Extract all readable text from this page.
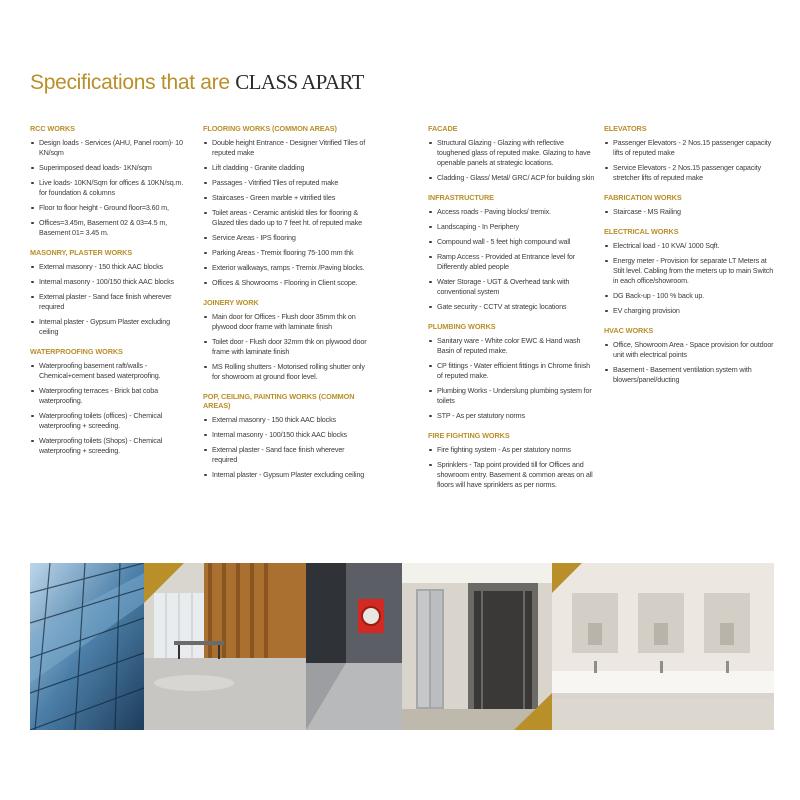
Specifications that are CLASS APART
RCC WORKS
Design loads - Services (AHU, Panel room)- 10 KN/sqm
Superimposed dead loads- 1KN/sqm
Live loads- 10KN/Sqm for offices & 10KN/sq.m. for foundation & columns
Floor to floor height - Ground floor=3.60 m,
Offices=3.45m, Basement 02 & 03=4.5 m, Basement 01= 3.45 m.
MASONRY, PLASTER WORKS
External masonry - 150 thick AAC blocks
Internal masonry - 100/150 thick AAC blocks
External plaster - Sand face finish wherever required
Internal plaster - Gypsum Plaster excluding ceiling
WATERPROOFING WORKS
Waterproofing basement raft/walls - Chemical+cement based waterproofing.
Waterproofing terraces - Brick bat coba waterproofing.
Waterproofing toilets (offices) - Chemical waterproofing + screeding.
Waterproofing toilets (Shops) - Chemical waterproofing + screeding.
FLOORING WORKS (COMMON AREAS)
Double height Entrance - Designer Vitrified Tiles of reputed make
Lift cladding - Granite cladding
Passages - Vitrified Tiles of reputed make
Staircases - Green marble + vitrified tiles
Toilet areas - Ceramic antiskid tiles for flooring & Glazed tiles dado up to 7 feet ht. of reputed make
Service Areas - IPS flooring
Parking Areas - Tremix flooring 75-100 mm thk
Exterior walkways, ramps - Tremix /Paving blocks.
Offices & Showrooms - Flooring in Client scope.
JOINERY WORK
Main door for Offices - Flush door 35mm thk on plywood door frame with laminate finish
Toilet door - Flush door 32mm thk on plywood door frame with laminate finish
MS Rolling shutters - Motorised rolling shutter only for showroom at ground floor level.
POP, CEILING, PAINTING WORKS (COMMON AREAS)
External masonry - 150 thick AAC blocks
Internal masonry - 100/150 thick AAC blocks
External plaster - Sand face finish wherever required
Internal plaster - Gypsum Plaster excluding ceiling
FACADE
Structural Glazing - Glazing with reflective toughened glass of reputed make. Glazing to have openable panels at strategic locations.
Cladding - Glass/ Metal/ GRC/ ACP for building skin
INFRASTRUCTURE
Access roads - Paving blocks/ tremix.
Landscaping - In Periphery
Compound wall - 5 feet high compound wall
Ramp Access - Provided at Entrance level for Differently abled people
Water Storage - UGT & Overhead tank with conventional system
Gate security - CCTV at strategic locations
PLUMBING WORKS
Sanitary ware - White color EWC & Hand wash Basin of reputed make.
CP fittings - Water efficient fittings in Chrome finish of reputed make.
Plumbing Works - Underslung plumbing system for toilets
STP - As per statutory norms
FIRE FIGHTING WORKS
Fire fighting system - As per statutory norms
Sprinklers - Tap point provided till for Offices and showroom entry. Basement & common areas on all floors will have sprinklers as per norms.
ELEVATORS
Passenger Elevators - 2 Nos.15 passenger capacity lifts of reputed make
Service Elevators - 2 Nos.15 passenger capacity stretcher lifts of reputed make
FABRICATION WORKS
Staircase - MS Railing
ELECTRICAL WORKS
Electrical load - 10 KVA/ 1000 Sqft.
Energy meter - Provision for separate LT Meters at Stilt level. Cabling from the meters up to main Switch in each office/showroom.
DG Back-up - 100 % back up.
EV charging provision
HVAC WORKS
Office, Showroom Area - Space provision for outdoor unit with electrical points
Basement - Basement ventilation system with blowers/panel/ducting
